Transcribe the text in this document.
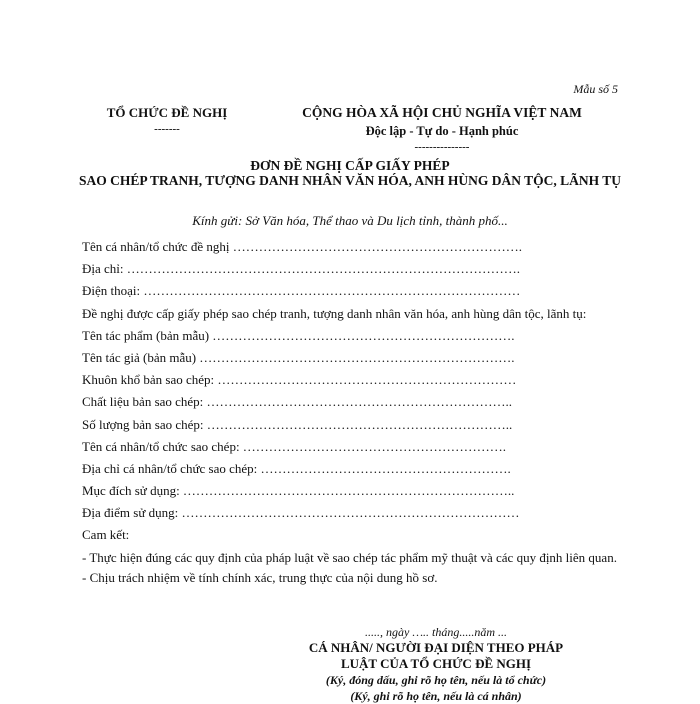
Mẫu số 5
TỔ CHỨC ĐỀ NGHỊ
-------
CỘNG HÒA XÃ HỘI CHỦ NGHĨA VIỆT NAM
Độc lập - Tự do - Hạnh phúc
---------------
ĐƠN ĐỀ NGHỊ CẤP GIẤY PHÉP
SAO CHÉP TRANH, TƯỢNG DANH NHÂN VĂN HÓA, ANH HÙNG DÂN TỘC, LÃNH TỤ
Kính gửi: Sở Văn hóa, Thể thao và Du lịch tỉnh, thành phố...
Tên cá nhân/tổ chức đề nghị ………………………………………………………….
Địa chỉ: ……………………………………………………………………………….
Điện thoại: ……………………………………………………………………………
Đề nghị được cấp giấy phép sao chép tranh, tượng danh nhân văn hóa, anh hùng dân tộc, lãnh tụ:
Tên tác phẩm (bản mẫu) …………………………………………………………….
Tên tác giả (bản mẫu) ……………………………………………………………….
Khuôn khổ bản sao chép: ……………………………………………………………
Chất liệu bản sao chép: ……………………………………………………………..
Số lượng bản sao chép: ……………………………………………………………..
Tên cá nhân/tổ chức sao chép: …………………………………………………….
Địa chỉ cá nhân/tổ chức sao chép: ………………………………………………….
Mục đích sử dụng: …………………………………………………………………..
Địa điểm sử dụng: ……………………………………………………………………
Cam kết:
- Thực hiện đúng các quy định của pháp luật về sao chép tác phẩm mỹ thuật và các quy định liên quan.
- Chịu trách nhiệm về tính chính xác, trung thực của nội dung hồ sơ.
....., ngày ….. tháng.....năm ...
CÁ NHÂN/ NGƯỜI ĐẠI DIỆN THEO PHÁP
LUẬT CỦA TỔ CHỨC ĐỀ NGHỊ
(Ký, đóng dấu, ghi rõ họ tên, nếu là tổ chức)
(Ký, ghi rõ họ tên, nếu là cá nhân)
